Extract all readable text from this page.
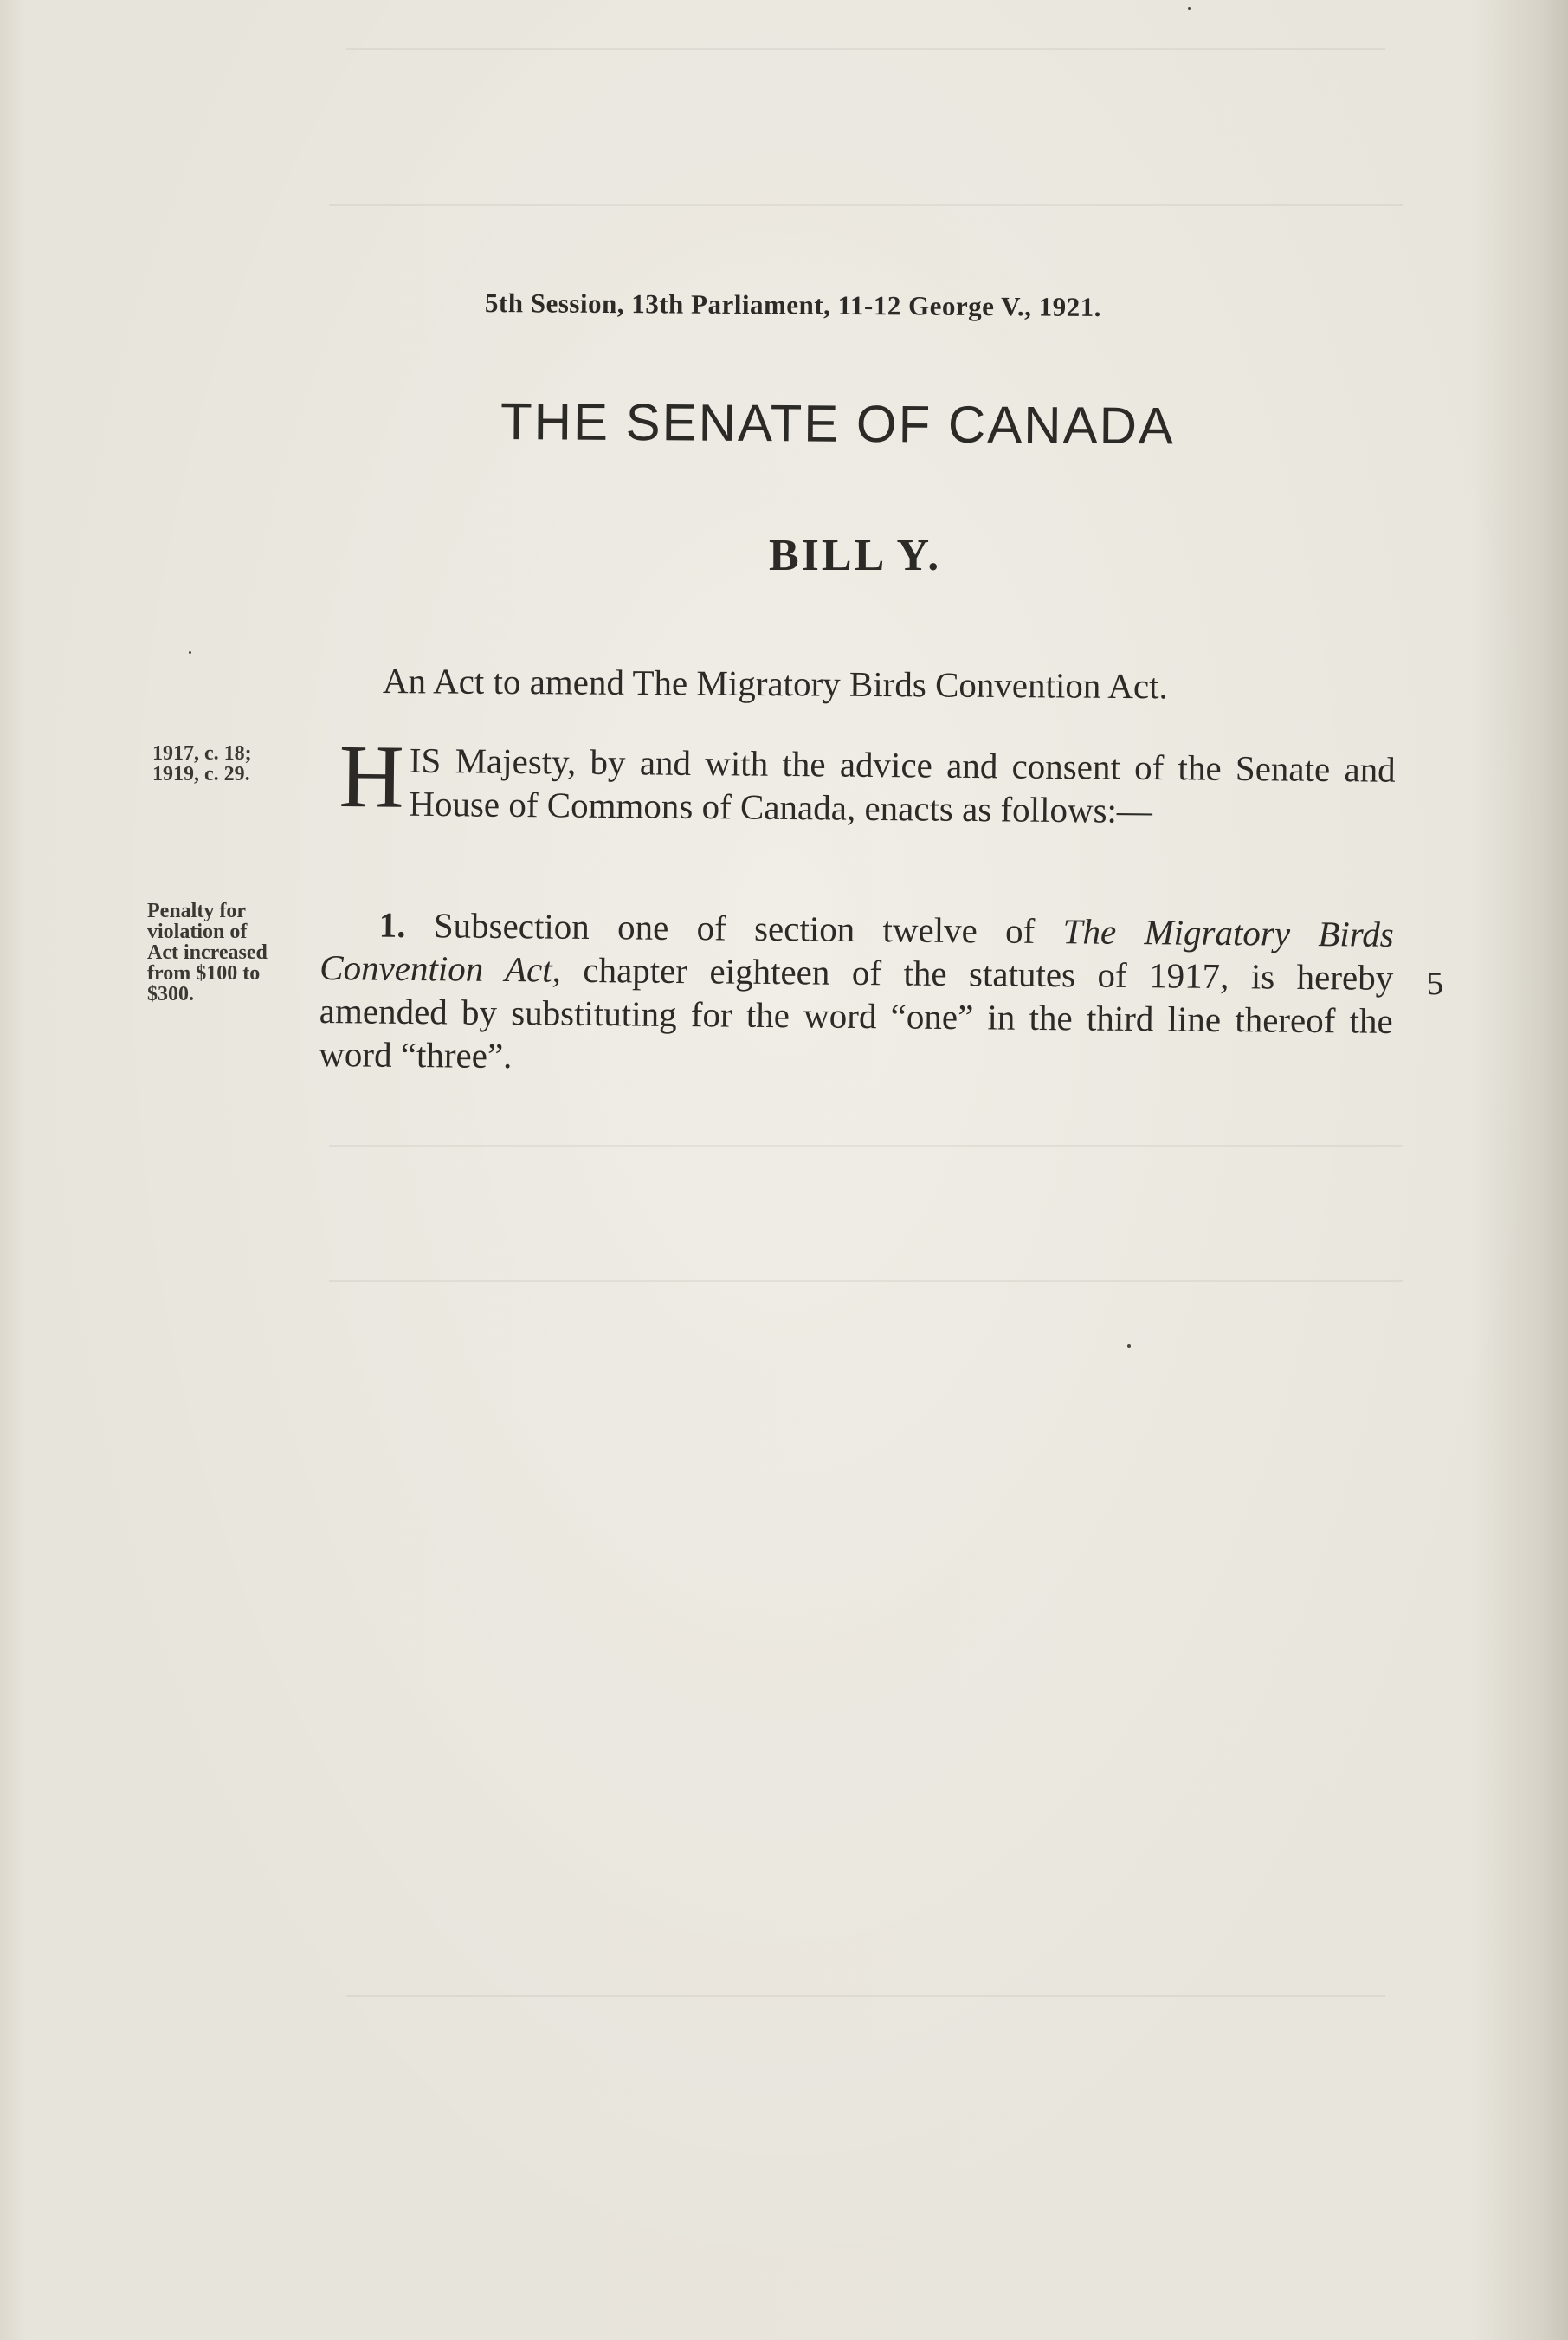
5th Session, 13th Parliament, 11-12 George V., 1921.
THE SENATE OF CANADA
BILL Y.
An Act to amend The Migratory Birds Convention Act.
1917, c. 18;
1919, c. 29. HIS Majesty, by and with the advice and consent of the Senate and House of Commons of Canada, enacts as follows:—
Penalty for
violation of
Act increased
from $100 to
$300.
1. Subsection one of section twelve of The Migratory Birds Convention Act, chapter eighteen of the statutes of 1917, is hereby amended by substituting for the word “one” in the third line thereof the word “three”.
5
